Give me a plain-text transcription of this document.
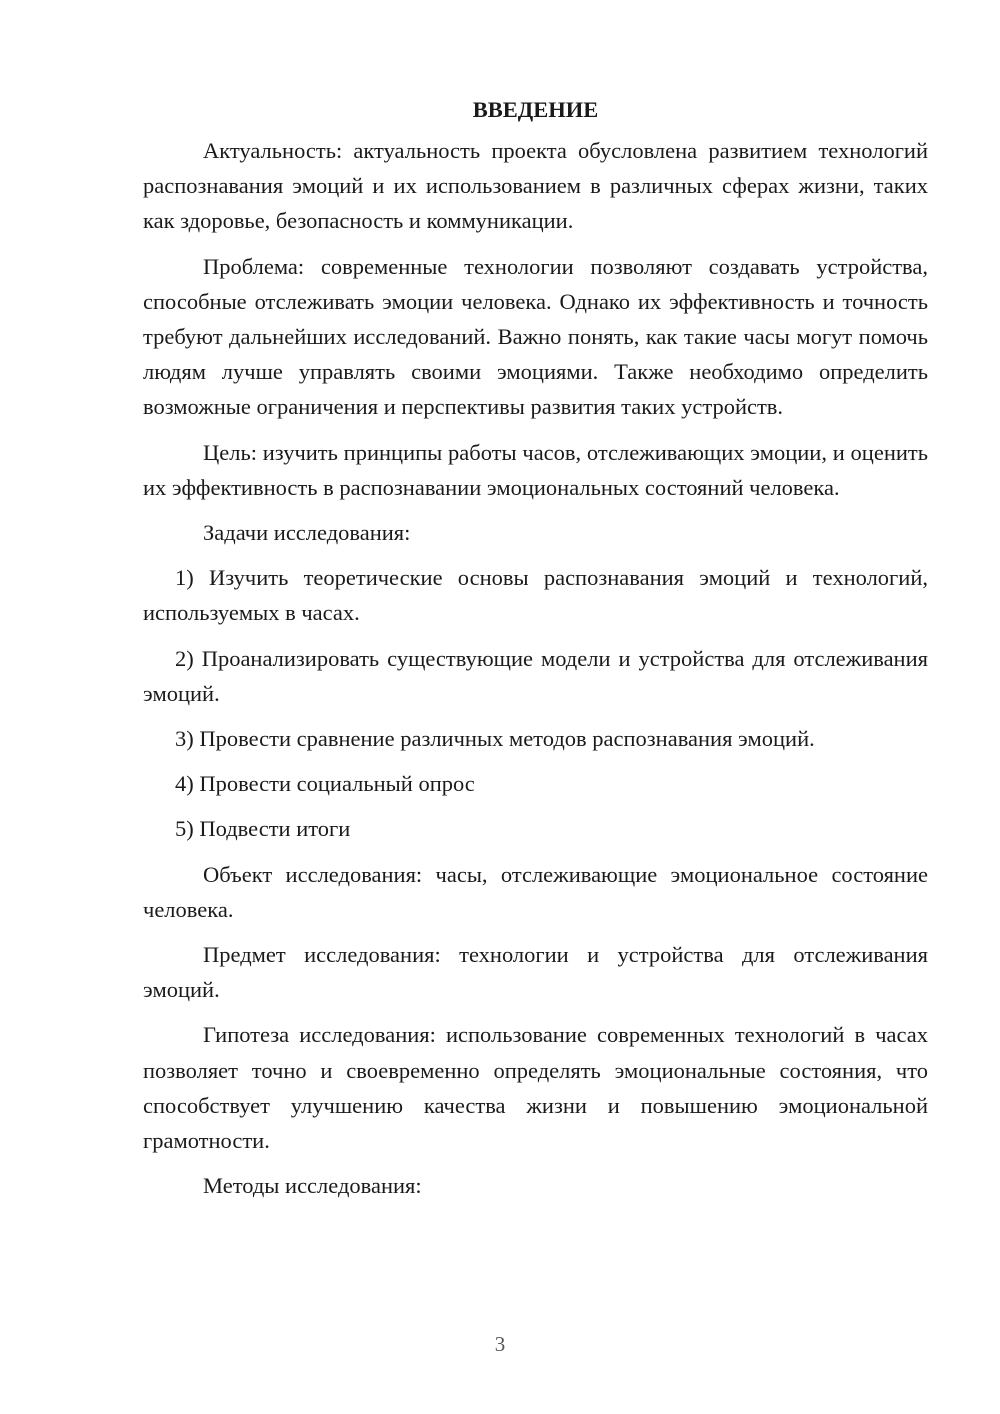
ВВЕДЕНИЕ

Актуальность: актуальность проекта обусловлена развитием технологий распознавания эмоций и их использованием в различных сферах жизни, таких как здоровье, безопасность и коммуникации.

Проблема: современные технологии позволяют создавать устройства, способные отслеживать эмоции человека. Однако их эффективность и точность требуют дальнейших исследований. Важно понять, как такие часы могут помочь людям лучше управлять своими эмоциями. Также необходимо определить возможные ограничения и перспективы развития таких устройств.

Цель: изучить принципы работы часов, отслеживающих эмоции, и оценить их эффективность в распознавании эмоциональных состояний человека.

Задачи исследования:

1) Изучить теоретические основы распознавания эмоций и технологий, используемых в часах.

2) Проанализировать существующие модели и устройства для отслеживания эмоций.

3) Провести сравнение различных методов распознавания эмоций.

4) Провести социальный опрос

5) Подвести итоги

Объект исследования: часы, отслеживающие эмоциональное состояние человека.

Предмет исследования: технологии и устройства для отслеживания эмоций.

Гипотеза исследования: использование современных технологий в часах позволяет точно и своевременно определять эмоциональные состояния, что способствует улучшению качества жизни и повышению эмоциональной грамотности.

Методы исследования:

3
